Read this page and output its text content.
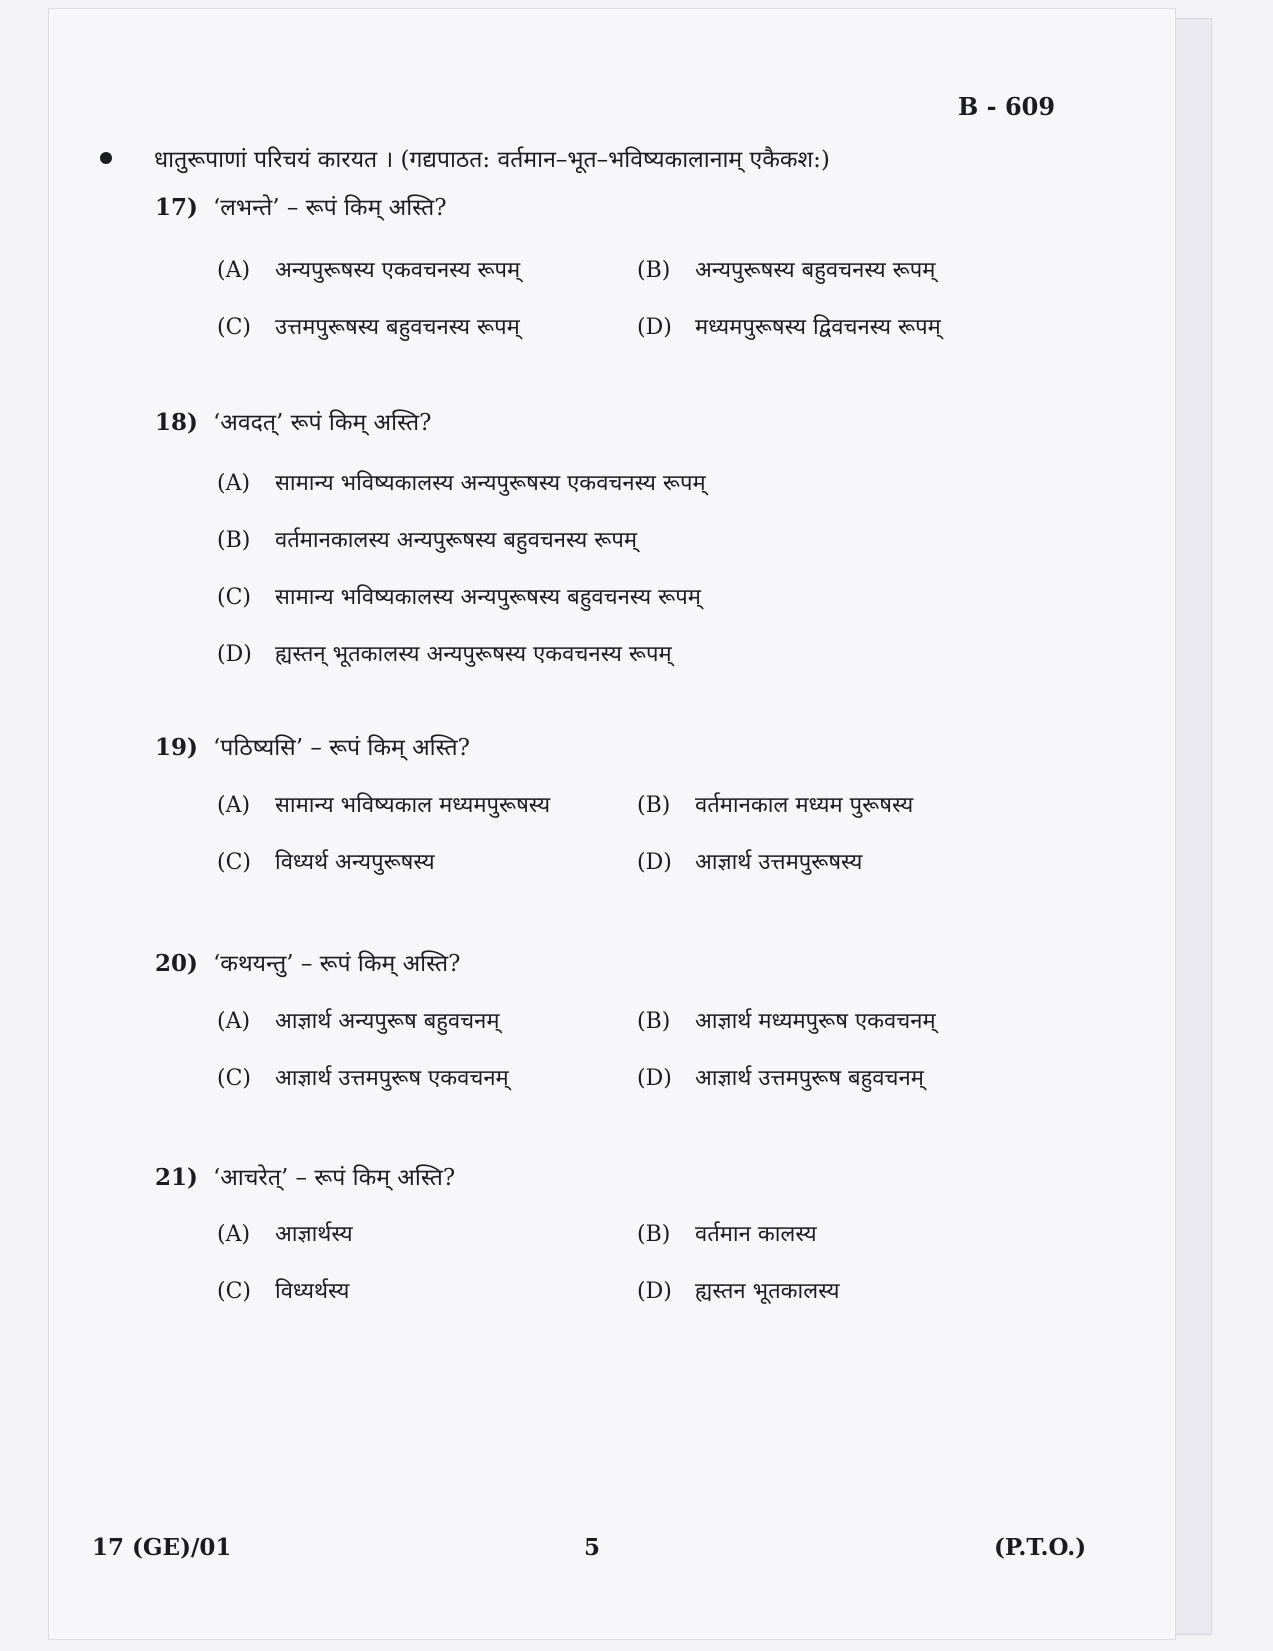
B - 609
धातुरूपाणां परिचयं कारयत । (गद्यपाठत: वर्तमान–भूत–भविष्यकालानाम् एकैकश:)
17) ‘लभन्ते’ – रूपं किम् अस्ति?
(A)	अन्यपुरूषस्य एकवचनस्य रूपम्	(B)	अन्यपुरूषस्य बहुवचनस्य रूपम्
(C)	उत्तमपुरूषस्य बहुवचनस्य रूपम्	(D)	मध्यमपुरूषस्य द्विवचनस्य रूपम्
18) ‘अवदत्’ रूपं किम् अस्ति?
(A)	सामान्य भविष्यकालस्य अन्यपुरूषस्य एकवचनस्य रूपम्
(B)	वर्तमानकालस्य अन्यपुरूषस्य बहुवचनस्य रूपम्
(C)	सामान्य भविष्यकालस्य अन्यपुरूषस्य बहुवचनस्य रूपम्
(D)	ह्यस्तन् भूतकालस्य अन्यपुरूषस्य एकवचनस्य रूपम्
19) ‘पठिष्यसि’ – रूपं किम् अस्ति?
(A)	सामान्य भविष्यकाल मध्यमपुरूषस्य	(B)	वर्तमानकाल मध्यम पुरूषस्य
(C)	विध्यर्थ अन्यपुरूषस्य	(D)	आज्ञार्थ उत्तमपुरूषस्य
20) ‘कथयन्तु’ – रूपं किम् अस्ति?
(A)	आज्ञार्थ अन्यपुरूष बहुवचनम्	(B)	आज्ञार्थ मध्यमपुरूष एकवचनम्
(C)	आज्ञार्थ उत्तमपुरूष एकवचनम्	(D)	आज्ञार्थ उत्तमपुरूष बहुवचनम्
21) ‘आचरेत्’ – रूपं किम् अस्ति?
(A)	आज्ञार्थस्य	(B)	वर्तमान कालस्य
(C)	विध्यर्थस्य	(D)	ह्यस्तन भूतकालस्य
17 (GE)/01	5	(P.T.O.)
